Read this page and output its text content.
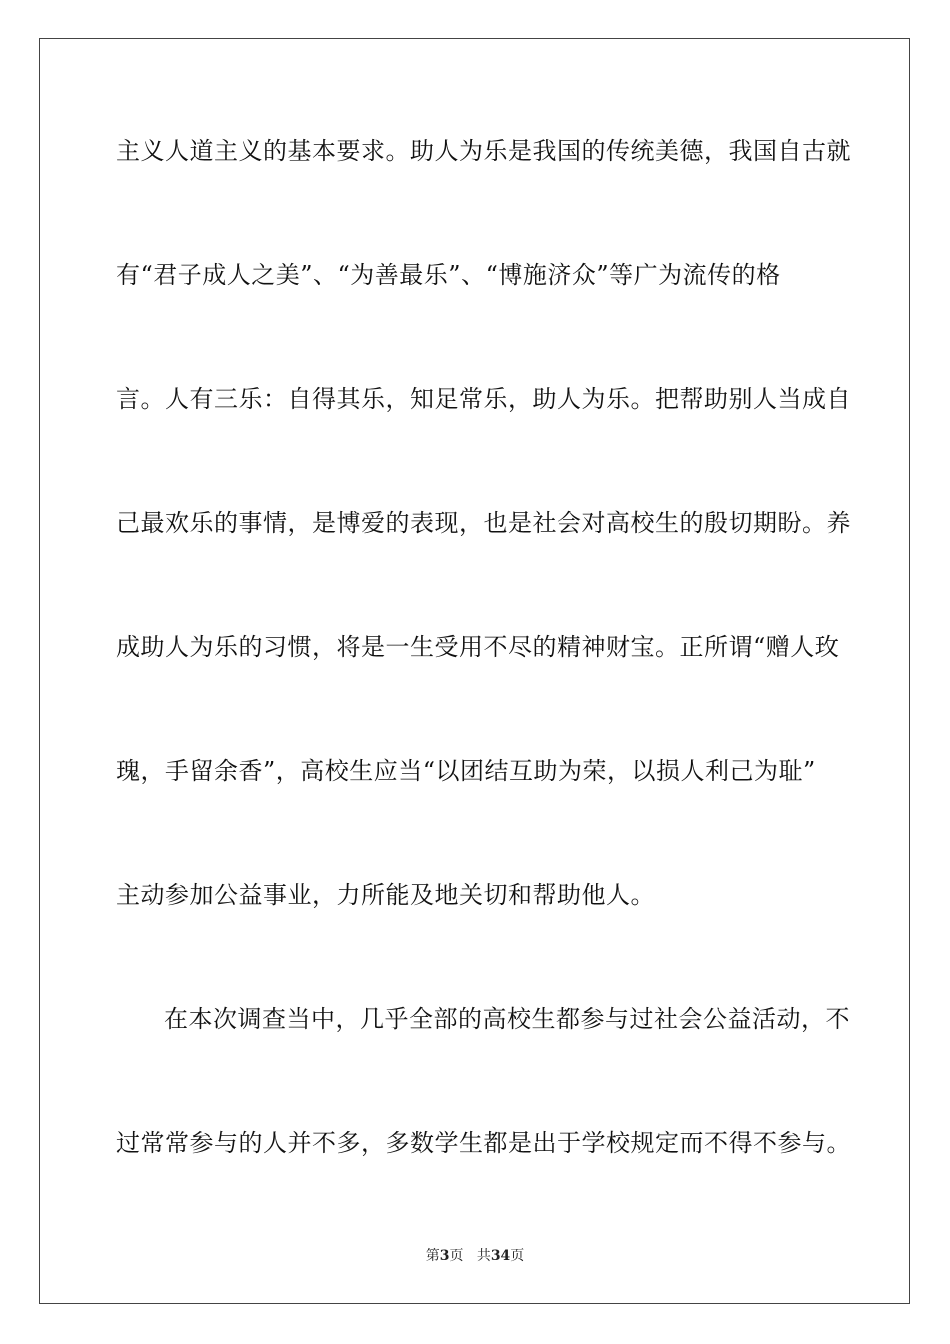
主义人道主义的基本要求。助人为乐是我国的传统美德，我国自古就
有“君子成人之美”、“为善最乐”、“博施济众”等广为流传的格
言。人有三乐：自得其乐，知足常乐，助人为乐。把帮助别人当成自
己最欢乐的事情，是博爱的表现，也是社会对高校生的殷切期盼。养
成助人为乐的习惯，将是一生受用不尽的精神财宝。正所谓“赠人玫
瑰，手留余香”，高校生应当“以团结互助为荣，以损人利己为耻”
主动参加公益事业，力所能及地关切和帮助他人。
在本次调查当中，几乎全部的高校生都参与过社会公益活动，不
过常常参与的人并不多，多数学生都是出于学校规定而不得不参与。
第3页 共34页
